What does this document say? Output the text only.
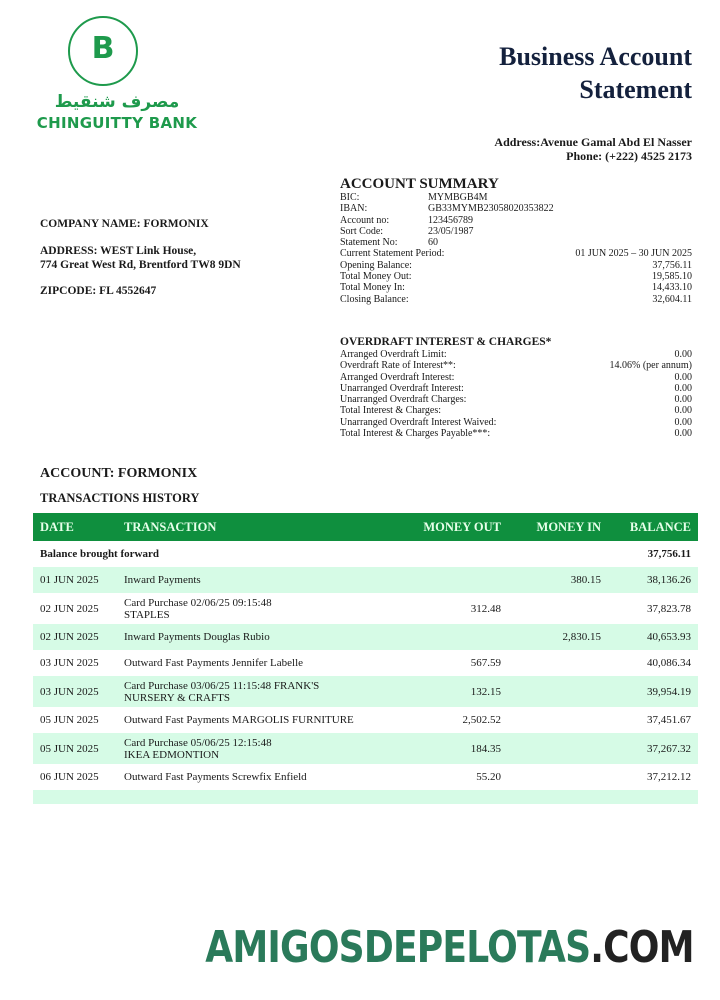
B
مصرف شنقيط
CHINGUITTY BANK
Business Account
Statement
Address:Avenue Gamal Abd El Nasser
Phone: (+222) 4525 2173
COMPANY NAME: FORMONIX
ADDRESS: WEST Link House,
774 Great West Rd, Brentford TW8 9DN
ZIPCODE: FL 4552647
ACCOUNT SUMMARY
BIC:	MYMBGB4M
IBAN:	GB33MYMB23058020353822
Account no:	123456789
Sort Code:	23/05/1987
Statement No:	60
Current Statement Period:	01 JUN 2025 – 30 JUN 2025
Opening Balance:	37,756.11
Total Money Out:	19,585.10
Total Money In:	14,433.10
Closing Balance:	32,604.11
OVERDRAFT INTEREST & CHARGES*
Arranged Overdraft Limit:	0.00
Overdraft Rate of Interest**:	14.06% (per annum)
Arranged Overdraft Interest:	0.00
Unarranged Overdraft Interest:	0.00
Unarranged Overdraft Charges:	0.00
Total Interest & Charges:	0.00
Unarranged Overdraft Interest Waived:	0.00
Total Interest & Charges Payable***:	0.00
ACCOUNT: FORMONIX
TRANSACTIONS HISTORY
DATE	TRANSACTION	MONEY OUT	MONEY IN	BALANCE
Balance brought forward				37,756.11
01 JUN 2025	Inward Payments		380.15	38,136.26
02 JUN 2025	Card Purchase 02/06/25 09:15:48
STAPLES	312.48		37,823.78
02 JUN 2025	Inward Payments Douglas Rubio		2,830.15	40,653.93
03 JUN 2025	Outward Fast Payments Jennifer Labelle	567.59		40,086.34
03 JUN 2025	Card Purchase 03/06/25 11:15:48 FRANK'S
NURSERY & CRAFTS	132.15		39,954.19
05 JUN 2025	Outward Fast Payments MARGOLIS FURNITURE	2,502.52		37,451.67
05 JUN 2025	Card Purchase 05/06/25 12:15:48
IKEA EDMONTION	184.35		37,267.32
06 JUN 2025	Outward Fast Payments Screwfix Enfield	55.20		37,212.12

AMIGOSDEPELOTAS.COM
